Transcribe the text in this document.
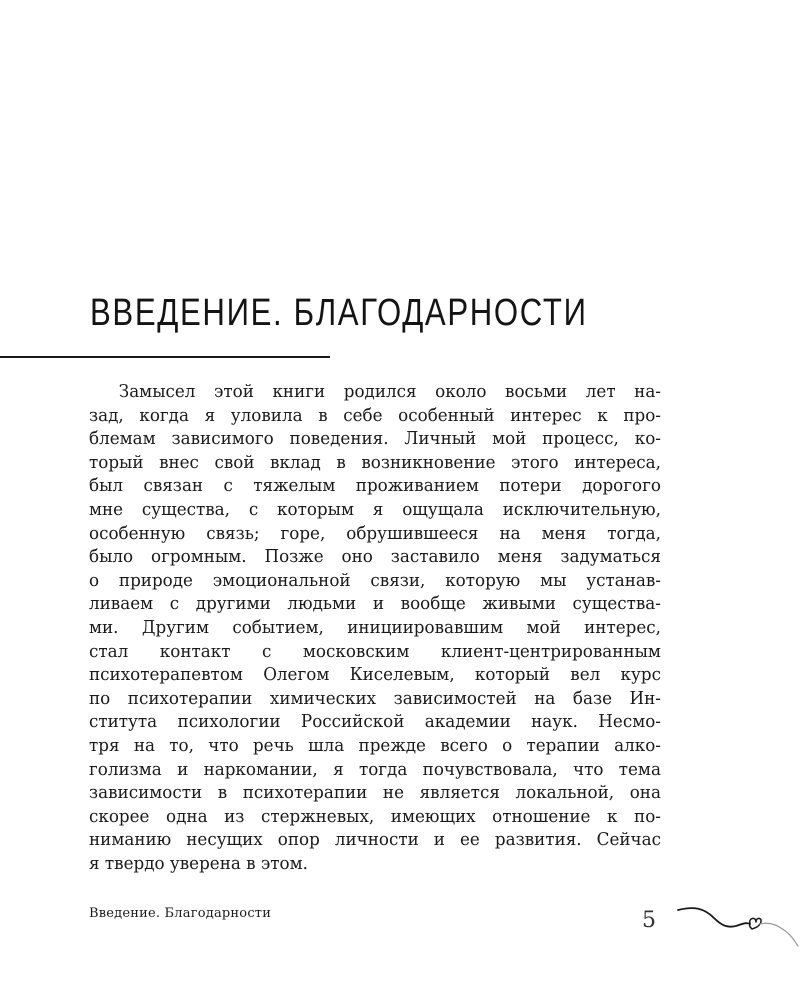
ВВЕДЕНИЕ. БЛАГОДАРНОСТИ
Замысел этой книги родился около восьми лет на-
зад, когда я уловила в себе особенный интерес к про-
блемам зависимого поведения. Личный мой процесс, ко-
торый внес свой вклад в возникновение этого интереса,
был связан с тяжелым проживанием потери дорогого
мне существа, с которым я ощущала исключительную,
особенную связь; горе, обрушившееся на меня тогда,
было огромным. Позже оно заставило меня задуматься
о природе эмоциональной связи, которую мы устанав-
ливаем с другими людьми и вообще живыми существа-
ми. Другим событием, инициировавшим мой интерес,
стал контакт с московским клиент-центрированным
психотерапевтом Олегом Киселевым, который вел курс
по психотерапии химических зависимостей на базе Ин-
ститута психологии Российской академии наук. Несмо-
тря на то, что речь шла прежде всего о терапии алко-
голизма и наркомании, я тогда почувствовала, что тема
зависимости в психотерапии не является локальной, она
скорее одна из стержневых, имеющих отношение к по-
ниманию несущих опор личности и ее развития. Сейчас
я твердо уверена в этом.
Введение. Благодарности	5
